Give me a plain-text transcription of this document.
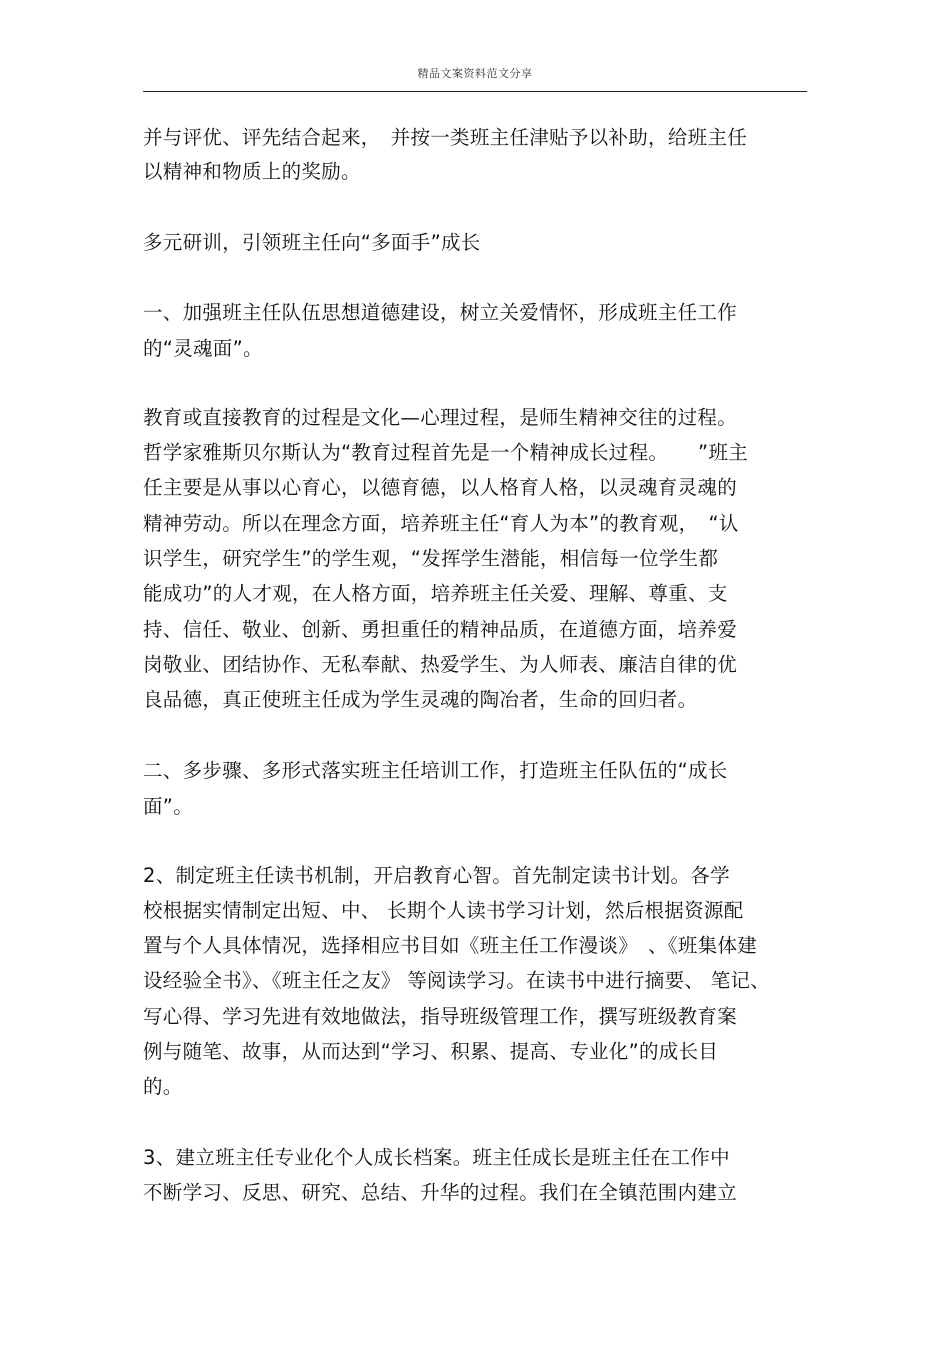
精品文案资料范文分享
并与评优、评先结合起来，　并按一类班主任津贴予以补助，给班主任
以精神和物质上的奖励。
多元研训，引领班主任向“多面手”成长
一、加强班主任队伍思想道德建设，树立关爱情怀，形成班主任工作
的“灵魂面”。
教育或直接教育的过程是文化—心理过程，是师生精神交往的过程。
哲学家雅斯贝尔斯认为“教育过程首先是一个精神成长过程。　　”班主
任主要是从事以心育心，以德育德，以人格育人格，以灵魂育灵魂的
精神劳动。所以在理念方面，培养班主任“育人为本”的教育观，　“认
识学生，研究学生”的学生观，“发挥学生潜能，相信每一位学生都
能成功”的人才观，在人格方面，培养班主任关爱、理解、尊重、支
持、信任、敬业、创新、勇担重任的精神品质，在道德方面，培养爱
岗敬业、团结协作、无私奉献、热爱学生、为人师表、廉洁自律的优
良品德，真正使班主任成为学生灵魂的陶冶者，生命的回归者。
二、多步骤、多形式落实班主任培训工作，打造班主任队伍的“成长
面”。
2、制定班主任读书机制，开启教育心智。首先制定读书计划。各学
校根据实情制定出短、中、 长期个人读书学习计划，然后根据资源配
置与个人具体情况，选择相应书目如《班主任工作漫谈》　、《班集体建
设经验全书》、《班主任之友》 等阅读学习。在读书中进行摘要、 笔记、
写心得、学习先进有效地做法，指导班级管理工作，撰写班级教育案
例与随笔、故事，从而达到“学习、积累、提高、专业化”的成长目
的。
3、建立班主任专业化个人成长档案。班主任成长是班主任在工作中
不断学习、反思、研究、总结、升华的过程。我们在全镇范围内建立
